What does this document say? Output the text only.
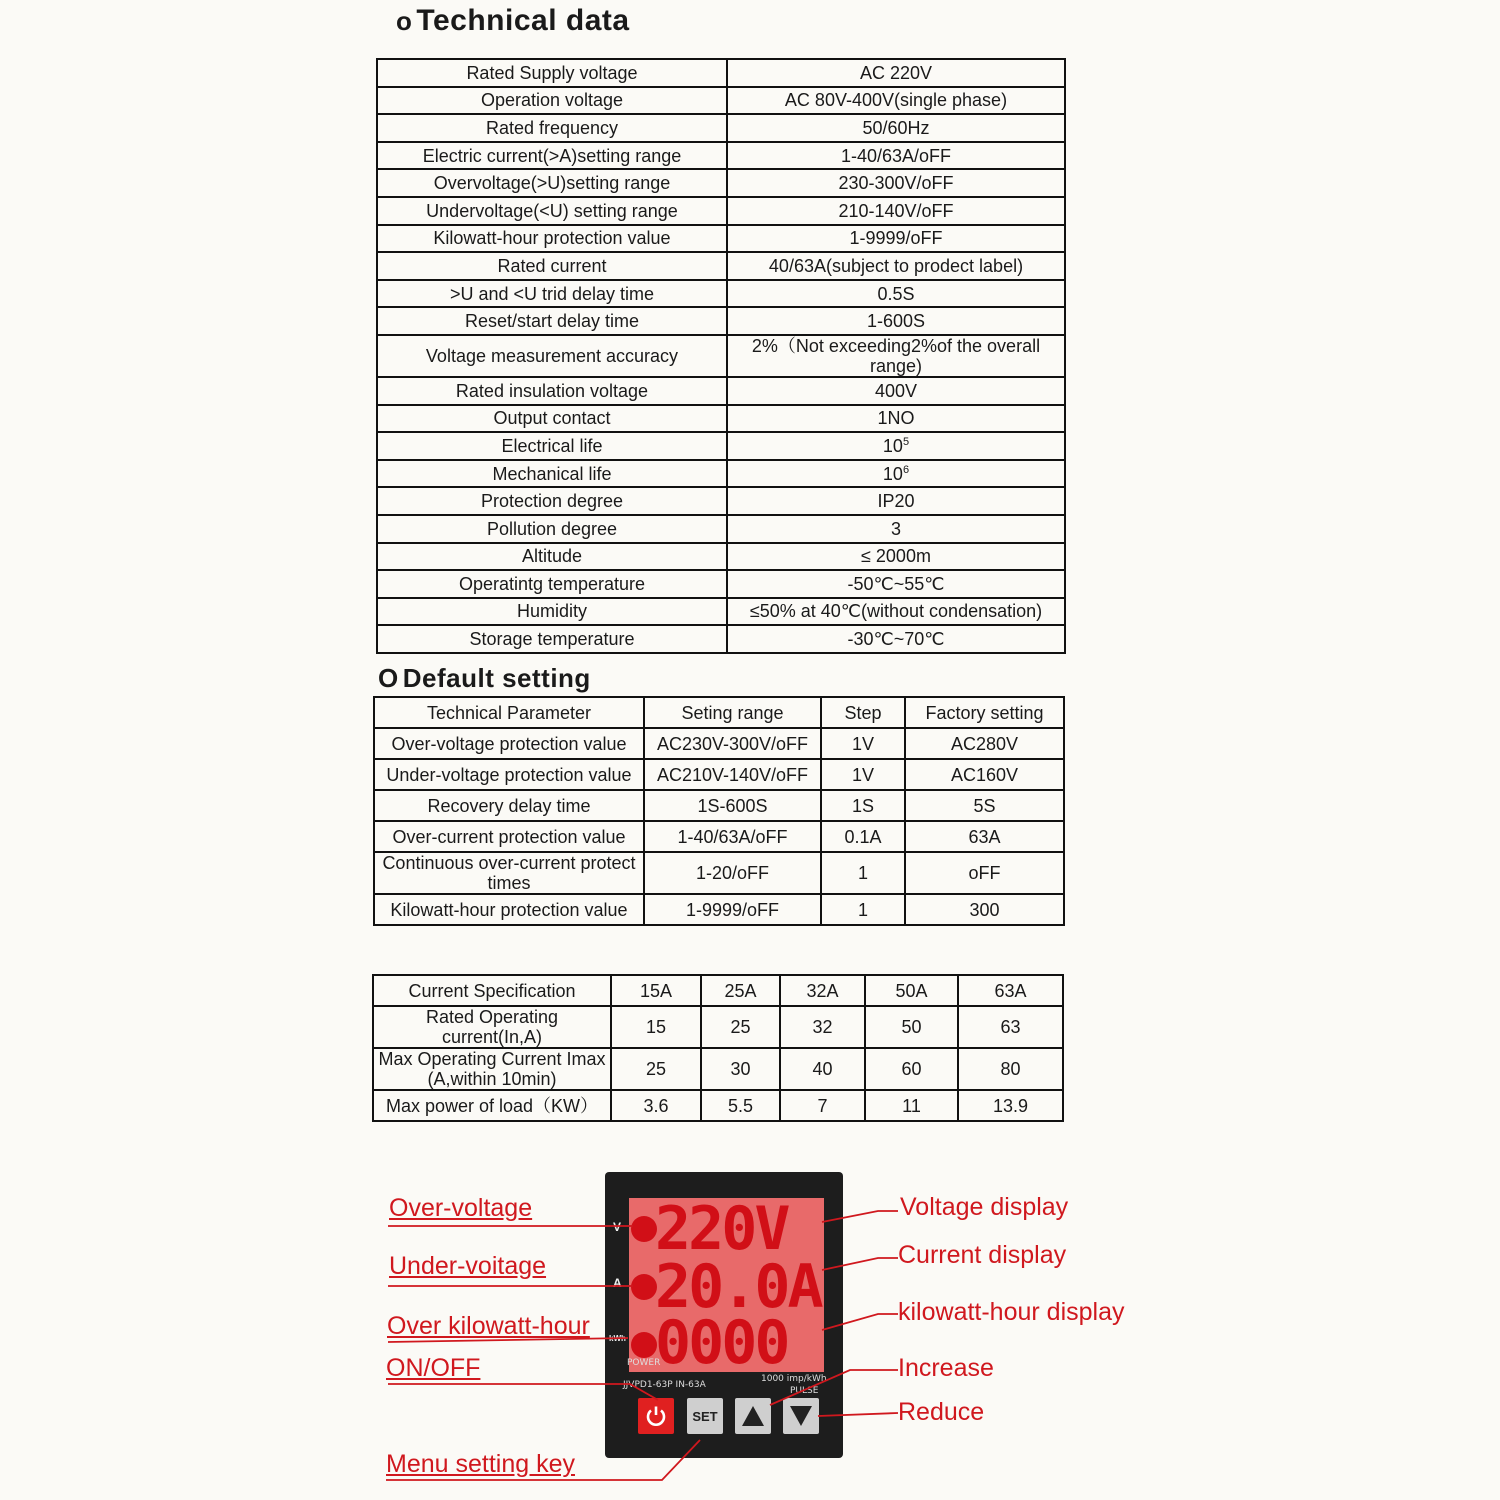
o Technical data
Rated Supply voltage	AC 220V
Operation voltage	AC 80V-400V(single phase)
Rated frequency	50/60Hz
Electric current(>A)setting range	1-40/63A/oFF
Overvoltage(>U)setting range	230-300V/oFF
Undervoltage(<U) setting range	210-140V/oFF
Kilowatt-hour protection value	1-9999/oFF
Rated current	40/63A(subject to prodect label)
>U and <U trid delay time	0.5S
Reset/start delay time	1-600S
Voltage measurement accuracy	2%（Not exceeding2%of the overall range)
Rated insulation voltage	400V
Output contact	1NO
Electrical life	$10^5$
Mechanical life	$10^6$
Protection degree	IP20
Pollution degree	3
Altitude	≤ 2000m
Operatintg temperature	-50℃~55℃
Humidity	≤50% at 40℃(without condensation)
Storage temperature	-30℃~70℃
O Default setting
Technical Parameter	Seting range	Step	Factory setting
Over-voltage protection value	AC230V-300V/oFF	1V	AC280V
Under-voltage protection value	AC210V-140V/oFF	1V	AC160V
Recovery delay time	1S-600S	1S	5S
Over-current protection value	1-40/63A/oFF	0.1A	63A
Continuous over-current protect times	1-20/oFF	1	oFF
Kilowatt-hour protection value	1-9999/oFF	1	300
Current Specification	15A	25A	32A	50A	63A
Rated Operating current(In,A)	15	25	32	50	63
Max Operating Current Imax (A,within 10min)	25	30	40	60	80
Max power of load（KW）	3.6	5.5	7	11	13.9
220V
20.0A
0000
V
A
kWh
POWER
JJVPD1-63P IN-63A
1000 imp/kWh
PULSE
SET
Over-voltage
Under-voitage
Over kilowatt-hour
ON/OFF
Menu setting key
Voltage display
Current display
kilowatt-hour display
Increase
Reduce
